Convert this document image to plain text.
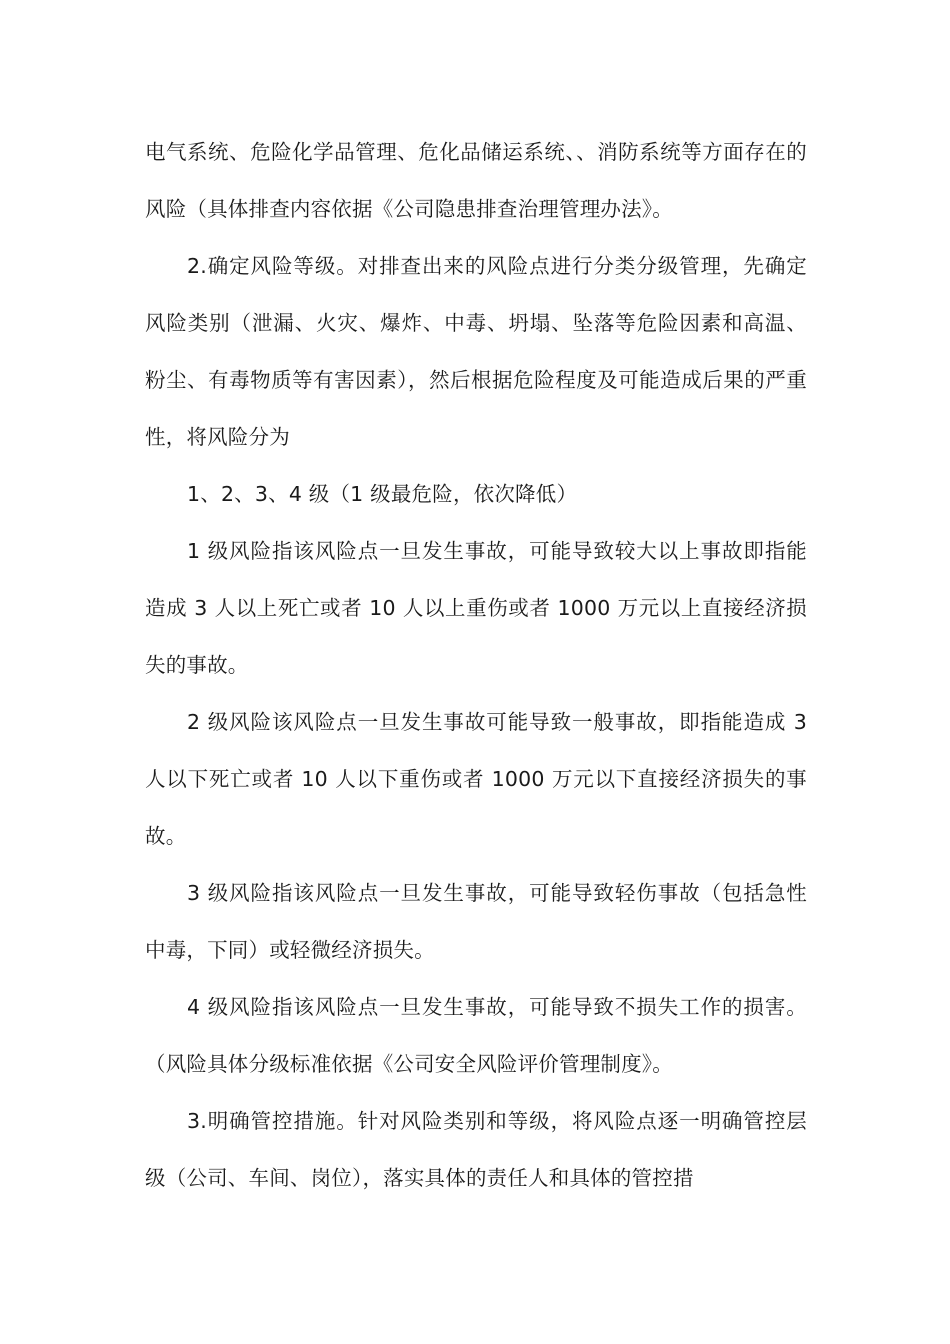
电气系统、危险化学品管理、危化品储运系统、、消防系统等方面存在的风险（具体排查内容依据《公司隐患排查治理管理办法》。

2.确定风险等级。对排查出来的风险点进行分类分级管理，先确定风险类别（泄漏、火灾、爆炸、中毒、坍塌、坠落等危险因素和高温、粉尘、有毒物质等有害因素），然后根据危险程度及可能造成后果的严重性，将风险分为

1、2、3、4 级（1 级最危险，依次降低）

1 级风险指该风险点一旦发生事故，可能导致较大以上事故即指能造成 3 人以上死亡或者 10 人以上重伤或者 1000 万元以上直接经济损失的事故。

2 级风险该风险点一旦发生事故可能导致一般事故，即指能造成 3 人以下死亡或者 10 人以下重伤或者 1000 万元以下直接经济损失的事故。

3 级风险指该风险点一旦发生事故，可能导致轻伤事故（包括急性中毒，下同）或轻微经济损失。

4 级风险指该风险点一旦发生事故，可能导致不损失工作的损害。（风险具体分级标准依据《公司安全风险评价管理制度》。

3.明确管控措施。针对风险类别和等级，将风险点逐一明确管控层级（公司、车间、岗位），落实具体的责任人和具体的管控措
